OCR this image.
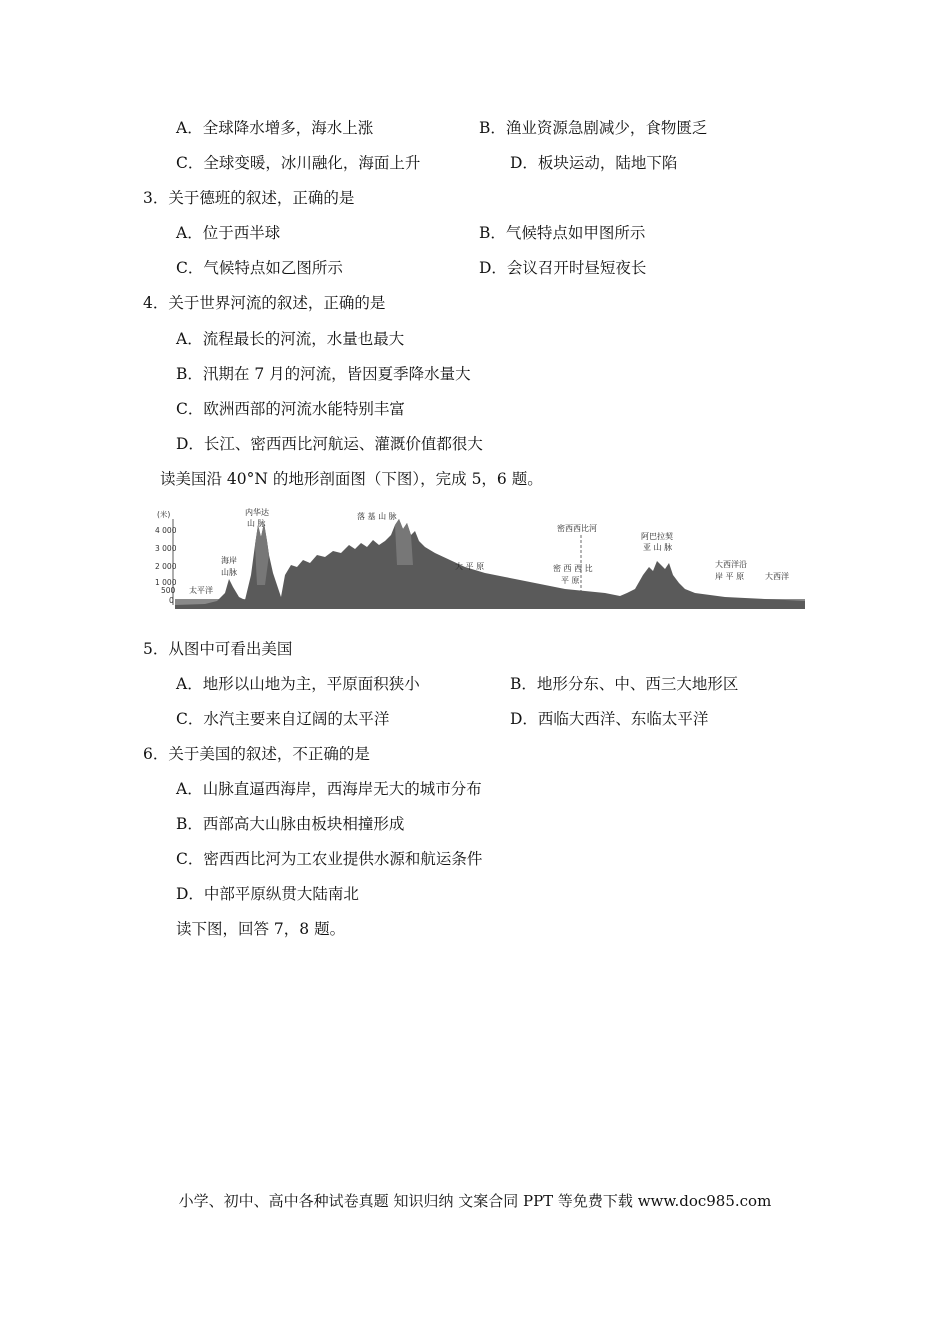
A．全球降水增多，海水上涨	B．渔业资源急剧减少，食物匮乏
C．全球变暖，冰川融化，海面上升	D．板块运动，陆地下陷
3．关于德班的叙述，正确的是
A．位于西半球	B．气候特点如甲图所示
C．气候特点如乙图所示	D．会议召开时昼短夜长
4．关于世界河流的叙述，正确的是
A．流程最长的河流，水量也最大
B．汛期在 7 月的河流，皆因夏季降水量大
C．欧洲西部的河流水能特别丰富
D．长江、密西西比河航运、灌溉价值都很大
读美国沿 40°N 的地形剖面图（下图），完成 5，6 题。
(米)
4 000
3 000
2 000
1 000
500
0
太平洋
海岸
山脉
内华达
山 脉
落 基 山 脉
大 平 原
密西西比河
密 西 西 比
平 原
阿巴拉契
亚 山 脉
大西洋沿
岸 平 原	大西洋
5．从图中可看出美国
A．地形以山地为主，平原面积狭小	B．地形分东、中、西三大地形区
C．水汽主要来自辽阔的太平洋	D．西临大西洋、东临太平洋
6．关于美国的叙述，不正确的是
A．山脉直逼西海岸，西海岸无大的城市分布
B．西部高大山脉由板块相撞形成
C．密西西比河为工农业提供水源和航运条件
D．中部平原纵贯大陆南北
读下图，回答 7，8 题。
小学、初中、高中各种试卷真题 知识归纳 文案合同 PPT 等免费下载 www.doc985.com
